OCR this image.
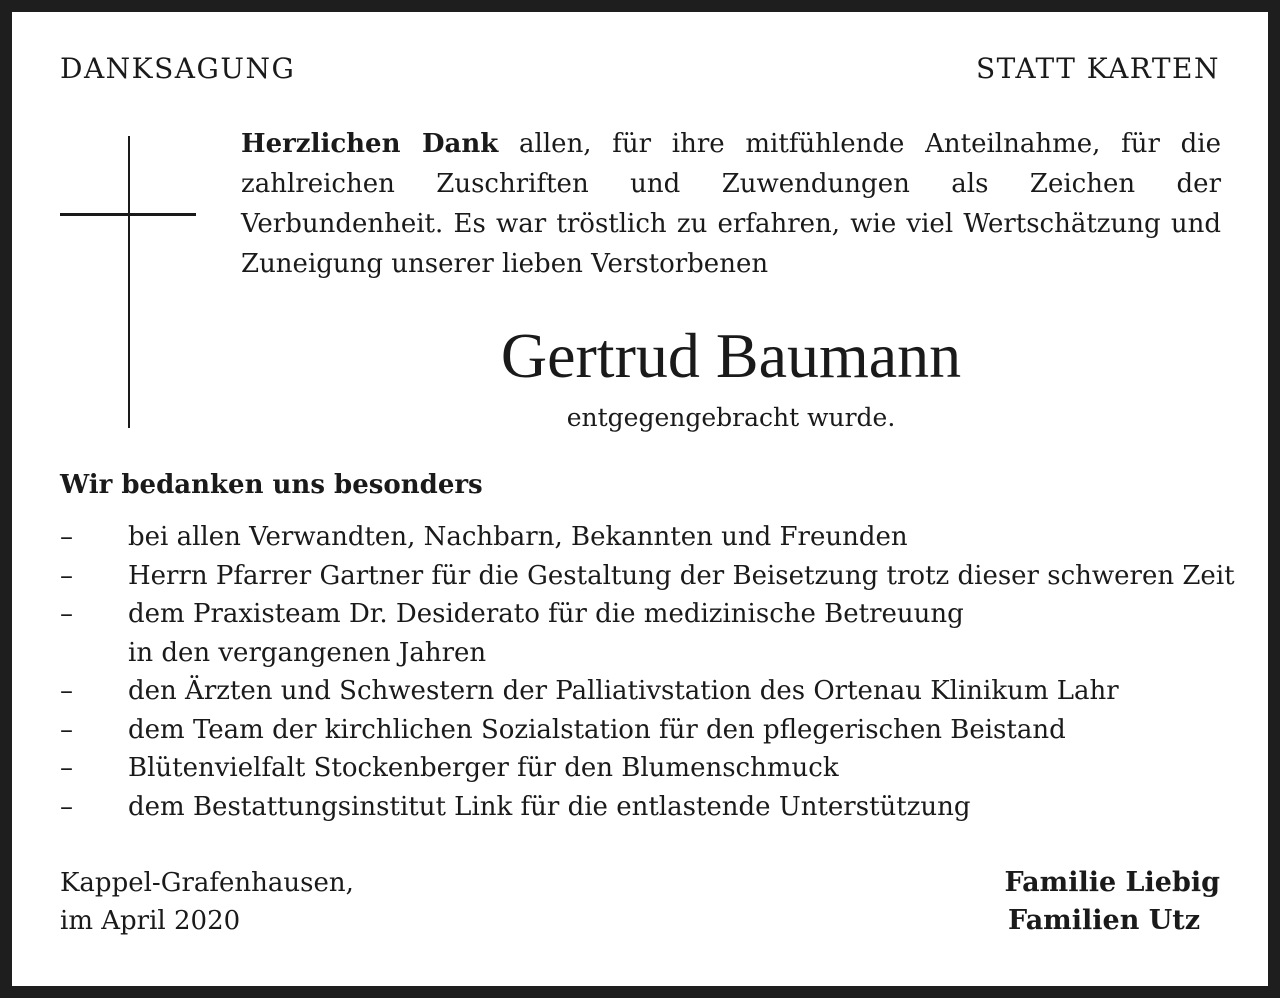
DANKSAGUNG	STATT KARTEN
Herzlichen Dank allen, für ihre mitfühlende Anteilnahme, für die zahlreichen Zuschriften und Zuwendungen als Zeichen der Verbundenheit. Es war tröstlich zu erfahren, wie viel Wertschätzung und Zuneigung unserer lieben Verstorbenen
Gertrud Baumann
entgegengebracht wurde.
Wir bedanken uns besonders
– bei allen Verwandten, Nachbarn, Bekannten und Freunden
– Herrn Pfarrer Gartner für die Gestaltung der Beisetzung trotz dieser schweren Zeit
– dem Praxisteam Dr. Desiderato für die medizinische Betreuung
in den vergangenen Jahren
– den Ärzten und Schwestern der Palliativstation des Ortenau Klinikum Lahr
– dem Team der kirchlichen Sozialstation für den pflegerischen Beistand
– Blütenvielfalt Stockenberger für den Blumenschmuck
– dem Bestattungsinstitut Link für die entlastende Unterstützung
Kappel-Grafenhausen,
im April 2020
Familie Liebig
Familien Utz
